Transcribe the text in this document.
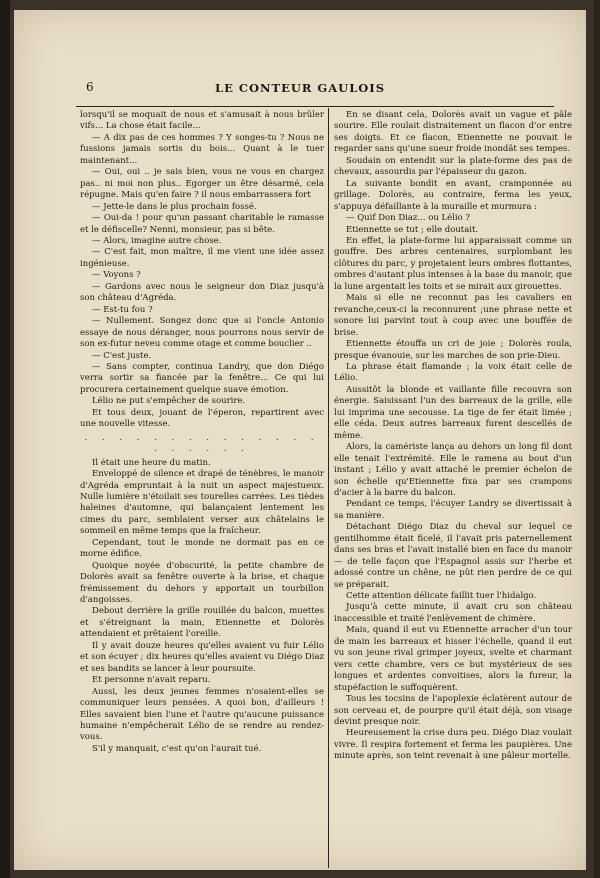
6	LE CONTEUR GAULOIS

lorsqu'il se moquait de nous et s'amusait à nous brûler vifs... La chose était facile...

— A dix pas de ces hommes ? Y songes-tu ? Nous ne fussions jamais sortis du bois... Quant à le tuer maintenant...

— Oui, oui .. je sais bien, vous ne vous en chargez pas.. ni moi non plus.. Egorger un être désarmé, cela répugne. Mais qu'en faire ? il nous embarrassera fort

— Jette-le dans le plus prochain fossé.

— Oui-da ! pour qu'un passant charitable le ramasse et le défiscelle? Nenni, monsieur, pas si bête.

— Alors, imagine autre chose.

— C'est fait, mon maître, il me vient une idée assez ingénieuse.

— Voyons ?

— Gardons avec nous le seigneur don Diaz jusqu'à son château d'Agréda.

— Est-tu fou ?

— Nullement. Songez donc que si l'oncle Antonio essaye de nous déranger, nous pourrons nous servir de son ex-futur neveu comme otage et comme bouclier ..

— C'est juste.

— Sans compter, continua Landry, que don Diégo verra sortir sa fiancée par la fenêtre... Ce qui lui procurera certainement quelque suave émotion.

Lélio ne put s'empêcher de sourire.

Et tous deux, jouant de l'éperon, repartirent avec une nouvelle vitesse.

. . . . . . . . . . . . . . . . . . . .

Il était une heure du matin.

Enveloppé de silence et drapé de ténèbres, le manoir d'Agréda empruntait à la nuit un aspect majestueux. Nulle lumière n'étoilait ses tourelles carrées. Les tièdes haleines d'automne, qui balançaient lentement les cimes du parc, semblaient verser aux châtelains le sommeil en même temps que la fraîcheur.

Cependant, tout le monde ne dormait pas en ce morne édifice.

Quoique noyée d'obscurité, la petite chambre de Dolorès avait sa fenêtre ouverte à la brise, et chaque frémissement du dehors y apportait un tourbillon d'angoisses.

Debout derrière la grille rouillée du balcon, muettes et s'étreignant la main, Etiennette et Dolorès attendaient et prêtaient l'oreille.

Il y avait douze heures qu'elles avaient vu fuir Lélio et son écuyer ; dix heures qu'elles avaient vu Diégo Diaz et ses bandits se lancer à leur poursuite.

Et personne n'avait reparu.

Aussi, les deux jeunes femmes n'osaient-elles se communiquer leurs pensées. A quoi bon, d'ailleurs ! Elles savaient bien l'une et l'autre qu'aucune puissance humaine n'empêcherait Lélio de se rendre au rendez-vous.

S'il y manquait, c'est qu'on l'aurait tué.

En se disant cela, Dolorès avait un vague et pâle sourire. Elle roulait distraitement un flacon d'or entre ses doigts. Et ce flacon, Etiennette ne pouvait le regarder sans qu'une sueur froide inondât ses tempes.

Soudain on entendit sur la plate-forme des pas de chevaux, assourdis par l'épaisseur du gazon.

La suivante bondit en avant, cramponnée au grillage. Dolorès, au contraire, ferma les yeux, s'appuya défaillante à la muraille et murmura :

— Quif Don Diaz... ou Lélio ?

Etiennette se tut ; elle doutait.

En effet, la plate-forme lui apparaissait comme un gouffre. Des arbres centenaires, surplombant les clôtures du parc, y projetaient leurs ombres flottantes, ombres d'autant plus intenses à la base du manoir, que la lune argentait les toits et se mirait aux girouettes.

Mais si elle ne reconnut pas les cavaliers en revanche,ceux-ci la reconnurent ;une phrase nette et sonore lui parvint tout à coup avec une bouffée de brise.

Etiennette étouffa un cri de joie ; Dolorès roula, presque évanouie, sur les marches de son prie-Dieu.

La phrase était flamande ; la voix était celle de Lélio.

Aussitôt la blonde et vaillante fille recouvra son énergie. Saisissant l'un des barreaux de la grille, elle lui imprima une secousse. La tige de fer était limée ; elle céda. Deux autres barreaux furent descellés de même.

Alors, la camériste lança au dehors un long fil dont elle tenait l'extrémité. Elle le ramena au bout d'un instant ; Lélio y avait attaché le premier échelon de son échelle qu'Etiennette fixa par ses crampons d'acier à la barre du balcon.

Pendant ce temps, l'écuyer Landry se divertissait à sa manière.

Détachant Diégo Diaz du cheval sur lequel ce gentilhomme était ficelé, il l'avait pris paternellement dans ses bras et l'avait installé bien en face du manoir — de telle façon que l'Espagnol assis sur l'herbe et adossé contre un chêne, ne pût rien perdre de ce qui se préparait.

Cette attention délicate faillit tuer l'hidalgo.

Jusqu'à cette minute, il avait cru son château inaccessible et traité l'enlèvement de chimère.

Mais, quand il eut vu Etiennette arracher d'un tour de main les barreaux et hisser l'échelle, quand il eut vu son jeune rival grimper joyeux, svelte et charmant vers cette chambre, vers ce but mystérieux de ses longues et ardentes convoitises, alors la fureur, la stupéfaction le suffoquèrent.

Tous les tocsins de l'apoplexie éclatèrent autour de son cerveau et, de pourpre qu'il était déjà, son visage devint presque noir.

Heureusement la crise dura peu. Diégo Diaz voulait vivre. Il respira fortement et ferma les paupières. Une minute après, son teint revenait à une pâleur mortelle.
